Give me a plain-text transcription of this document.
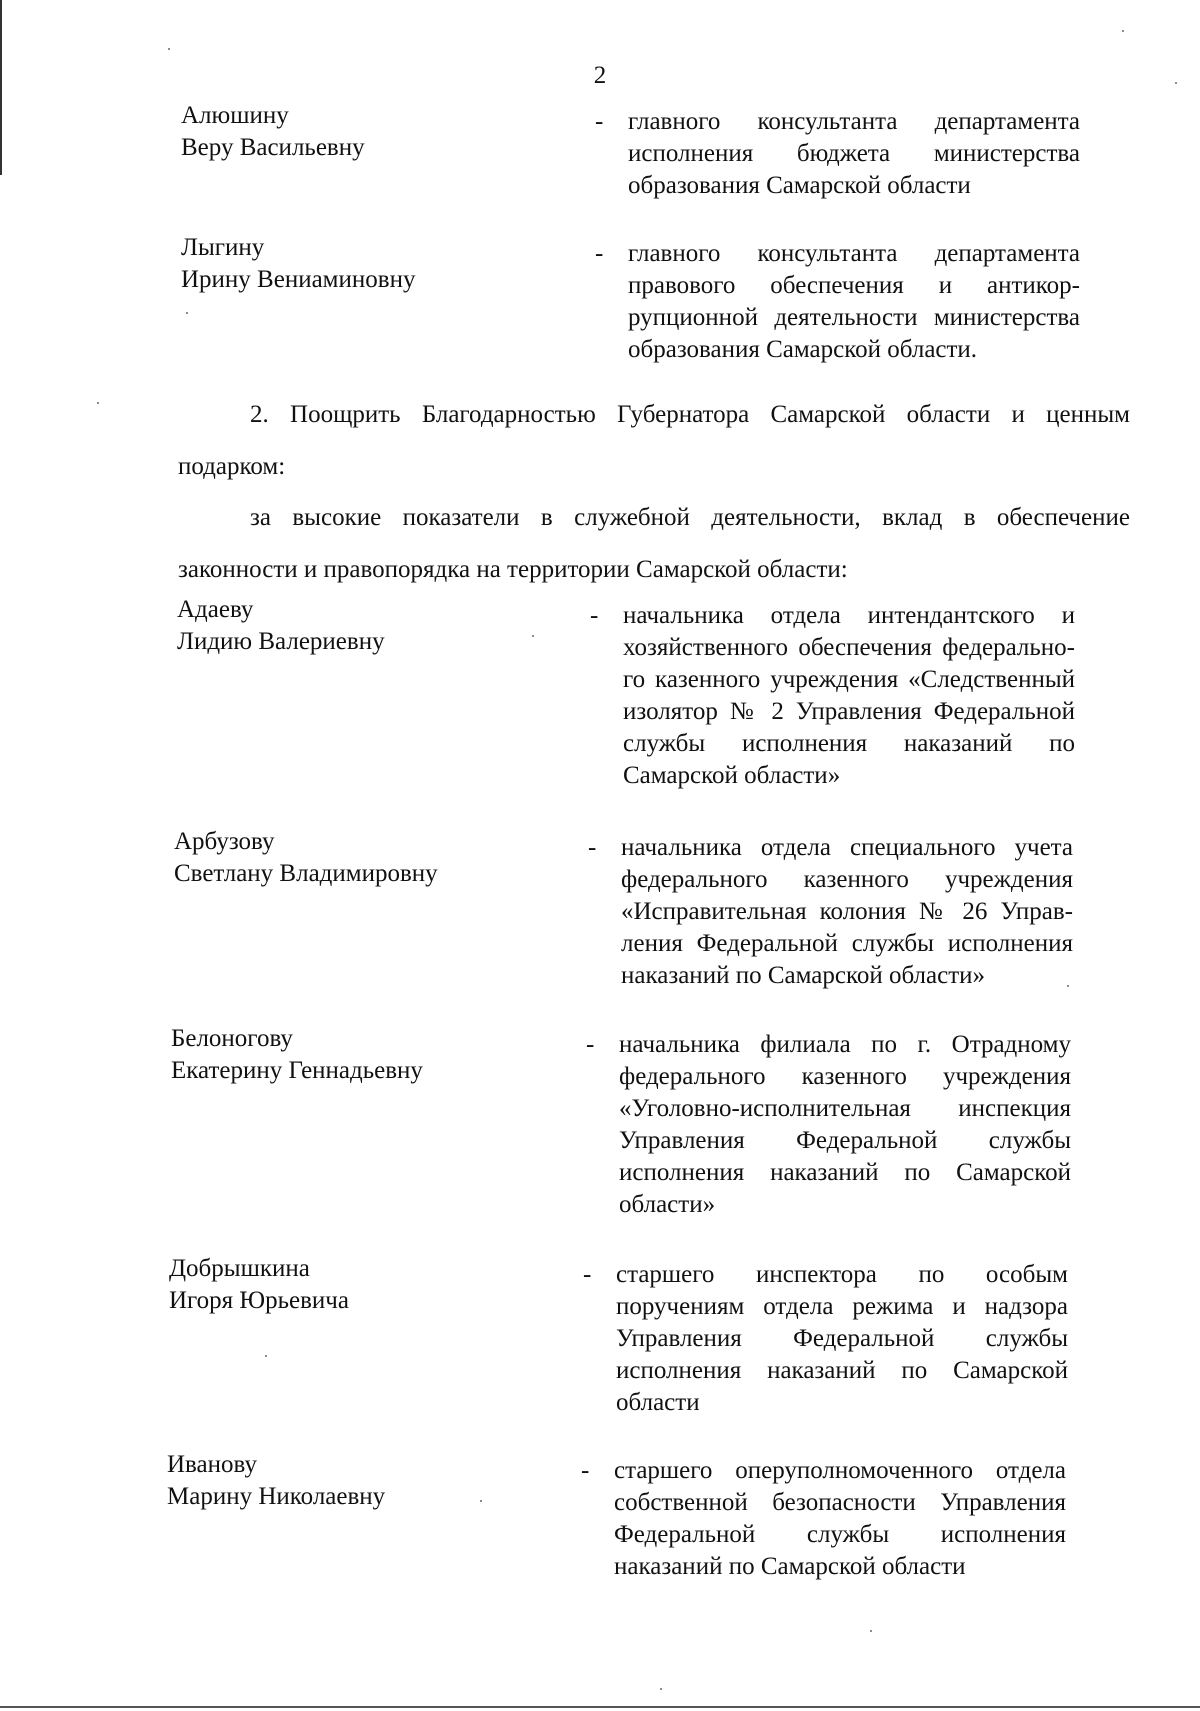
2
Алюшину
Веру Васильевну
- главного консультанта департамента исполнения бюджета министерства образования Самарской области
Лыгину
Ирину Вениаминовну
- главного консультанта департамента правового обеспечения и антикор-рупционной деятельности министерства образования Самарской области.
2. Поощрить Благодарностью Губернатора Самарской области и ценным подарком:
за высокие показатели в служебной деятельности, вклад в обеспечение законности и правопорядка на территории Самарской области:
Адаеву
Лидию Валериевну
- начальника отдела интендантского и хозяйственного обеспечения федерально-го казенного учреждения «Следственный изолятор № 2 Управления Федеральной службы исполнения наказаний по Самарской области»
Арбузову
Светлану Владимировну
- начальника отдела специального учета федерального казенного учреждения «Исправительная колония № 26 Управ-ления Федеральной службы исполнения наказаний по Самарской области»
Белоногову
Екатерину Геннадьевну
- начальника филиала по г. Отрадному федерального казенного учреждения «Уголовно-исполнительная инспекция Управления Федеральной службы исполнения наказаний по Самарской области»
Добрышкина
Игоря Юрьевича
- старшего инспектора по особым поручениям отдела режима и надзора Управления Федеральной службы исполнения наказаний по Самарской области
Иванову
Марину Николаевну
- старшего оперуполномоченного отдела собственной безопасности Управления Федеральной службы исполнения наказаний по Самарской области
